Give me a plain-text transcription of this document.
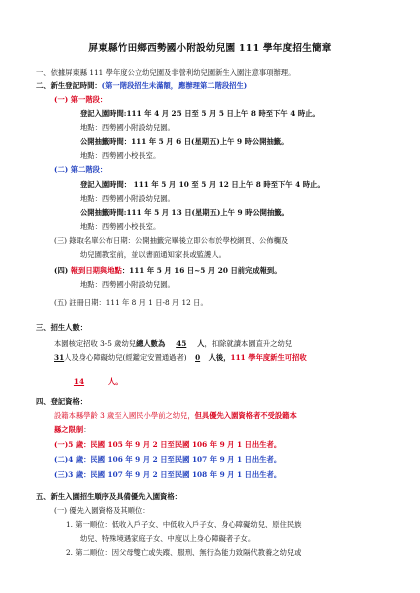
屏東縣竹田鄉西勢國小附設幼兒園 111 學年度招生簡章
一、依據屏東縣 111 學年度公立幼兒園及非營利幼兒園新生入園注意事項辦理。
二、新生登記時間：(第一階段招生未滿額，應辦理第二階段招生)
(一) 第一階段：
登記入園時間:111 年 4 月 25 日至 5 月 5 日上午 8 時至下午 4 時止。
地點：西勢國小附設幼兒園。
公開抽籤時間：111 年 5 月 6 日(星期五)上午 9 時公開抽籤。
地點：西勢國小校長室。
(二) 第二階段：
登記入園時間： 111 年 5 月 10 至 5 月 12 日上午 8 時至下午 4 時止。
地點：西勢國小附設幼兒園。
公開抽籤時間:111 年 5 月 13 日(星期五)上午 9 時公開抽籤。
地點：西勢國小校長室。
(三) 錄取名單公布日期：公開抽籤完畢後立即公布於學校網頁、公佈欄及
幼兒園教室前，並以書面通知家長或監護人。
(四) 報到日期與地點：111 年 5 月 16 日~5 月 20 日前完成報到。
地點：西勢國小附設幼兒園。
(五) 註冊日期：111 年 8 月 1 日-8 月 12 日。
三、招生人數：
本園核定招收 3-5 歲幼兒總人數為 45 人，扣除就讀本園直升之幼兒
31人及身心障礙幼兒(經鑑定安置通過者) 0 人後，111 學年度新生可招收
14	人。
四、登記資格：
設籍本縣學齡 3 歲至入國民小學前之幼兒，但具優先入園資格者不受設籍本
縣之限制：
(一)5 歲：民國 105 年 9 月 2 日至民國 106 年 9 月 1 日出生者。
(二)4 歲：民國 106 年 9 月 2 日至民國 107 年 9 月 1 日出生者。
(三)3 歲：民國 107 年 9 月 2 日至民國 108 年 9 月 1 日出生者。
五、新生入園招生順序及具備優先入園資格：
(一) 優先入園資格及其順位：
1. 第一順位：低收入戶子女、中低收入戶子女、身心障礙幼兒、原住民族
幼兒、特殊境遇家庭子女、中度以上身心障礙者子女。
2. 第二順位：因父母雙亡或失蹤、服刑、無行為能力致隔代教養之幼兒或
